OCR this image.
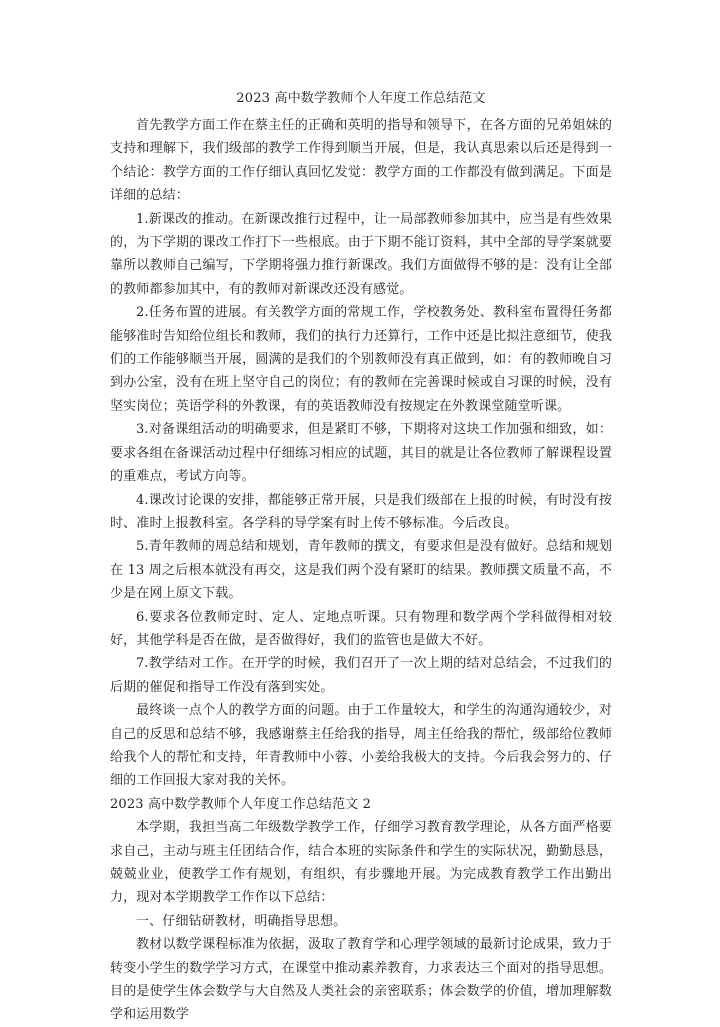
2023 高中数学教师个人年度工作总结范文

首先教学方面工作在蔡主任的正确和英明的指导和领导下，在各方面的兄弟姐妹的支持和理解下，我们级部的教学工作得到顺当开展，但是，我认真思索以后还是得到一个结论：教学方面的工作仔细认真回忆发觉：教学方面的工作都没有做到满足。下面是详细的总结：

1.新课改的推动。在新课改推行过程中，让一局部教师参加其中，应当是有些效果的，为下学期的课改工作打下一些根底。由于下期不能订资料，其中全部的导学案就要靠所以教师自己编写，下学期将强力推行新课改。我们方面做得不够的是：没有让全部的教师都参加其中，有的教师对新课改还没有感觉。

2.任务布置的进展。有关教学方面的常规工作，学校教务处、教科室布置得任务都能够准时告知给位组长和教师，我们的执行力还算行，工作中还是比拟注意细节，使我们的工作能够顺当开展，圆满的是我们的个别教师没有真正做到，如：有的教师晚自习到办公室，没有在班上坚守自己的岗位；有的教师在完善课时候或自习课的时候，没有坚实岗位；英语学科的外教课，有的英语教师没有按规定在外教课堂随堂听课。

3.对备课组活动的明确要求，但是紧盯不够，下期将对这块工作加强和细致，如：要求各组在备课活动过程中仔细练习相应的试题，其目的就是让各位教师了解课程设置的重难点，考试方向等。

4.课改讨论课的安排，都能够正常开展，只是我们级部在上报的时候，有时没有按时、准时上报教科室。各学科的导学案有时上传不够标准。今后改良。

5.青年教师的周总结和规划，青年教师的撰文，有要求但是没有做好。总结和规划在 13 周之后根本就没有再交，这是我们两个没有紧盯的结果。教师撰文质量不高，不少是在网上原文下载。

6.要求各位教师定时、定人、定地点听课。只有物理和数学两个学科做得相对较好，其他学科是否在做，是否做得好，我们的监管也是做大不好。

7.教学结对工作。在开学的时候，我们召开了一次上期的结对总结会，不过我们的后期的催促和指导工作没有落到实处。

最终谈一点个人的教学方面的问题。由于工作量较大，和学生的沟通沟通较少，对自己的反思和总结不够，我感谢蔡主任给我的指导，周主任给我的帮忙，级部给位教师给我个人的帮忙和支持，年青教师中小蓉、小姜给我极大的支持。今后我会努力的、仔细的工作回报大家对我的关怀。

2023 高中数学教师个人年度工作总结范文 2

本学期，我担当高二年级数学教学工作，仔细学习教育教学理论，从各方面严格要求自己，主动与班主任团结合作，结合本班的实际条件和学生的实际状况，勤勤恳恳，兢兢业业，使教学工作有规划，有组织，有步骤地开展。为完成教育教学工作出勤出力，现对本学期教学工作作以下总结：

一、仔细钻研教材，明确指导思想。

教材以数学课程标准为依据，汲取了教育学和心理学领域的最新讨论成果，致力于转变小学生的数学学习方式，在课堂中推动素养教育，力求表达三个面对的指导思想。目的是使学生体会数学与大自然及人类社会的亲密联系；体会数学的价值，增加理解数学和运用数学
